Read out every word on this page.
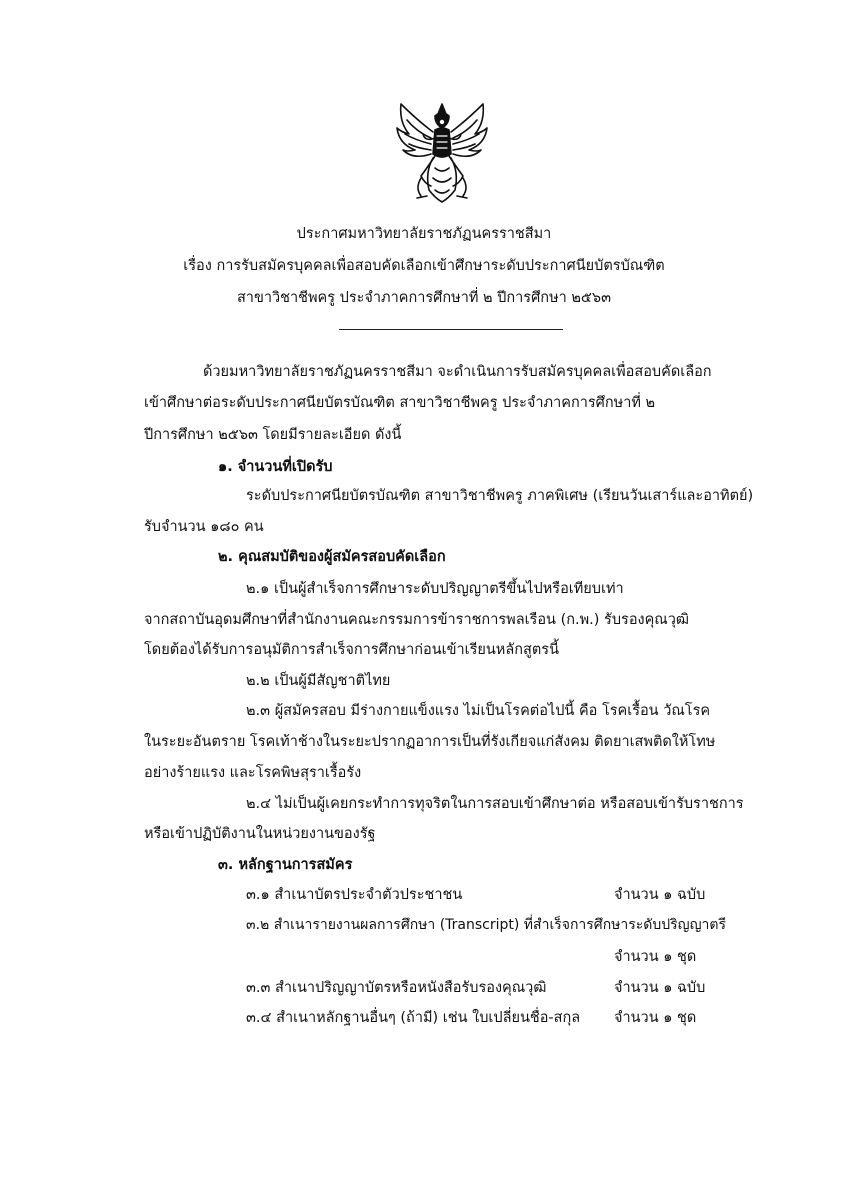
ประกาศมหาวิทยาลัยราชภัฏนครราชสีมา
เรื่อง การรับสมัครบุคคลเพื่อสอบคัดเลือกเข้าศึกษาระดับประกาศนียบัตรบัณฑิต
สาขาวิชาชีพครู ประจำภาคการศึกษาที่ ๒ ปีการศึกษา ๒๕๖๓
ด้วยมหาวิทยาลัยราชภัฏนครราชสีมา จะดำเนินการรับสมัครบุคคลเพื่อสอบคัดเลือก
เข้าศึกษาต่อระดับประกาศนียบัตรบัณฑิต สาขาวิชาชีพครู ประจำภาคการศึกษาที่ ๒
ปีการศึกษา ๒๕๖๓ โดยมีรายละเอียด ดังนี้
๑. จำนวนที่เปิดรับ
ระดับประกาศนียบัตรบัณฑิต สาขาวิชาชีพครู ภาคพิเศษ (เรียนวันเสาร์และอาทิตย์)
รับจำนวน ๑๘๐ คน
๒. คุณสมบัติของผู้สมัครสอบคัดเลือก
๒.๑ เป็นผู้สำเร็จการศึกษาระดับปริญญาตรีขึ้นไปหรือเทียบเท่า
จากสถาบันอุดมศึกษาที่สำนักงานคณะกรรมการข้าราชการพลเรือน (ก.พ.) รับรองคุณวุฒิ
โดยต้องได้รับการอนุมัติการสำเร็จการศึกษาก่อนเข้าเรียนหลักสูตรนี้
๒.๒ เป็นผู้มีสัญชาติไทย
๒.๓ ผู้สมัครสอบ มีร่างกายแข็งแรง ไม่เป็นโรคต่อไปนี้ คือ โรคเรื้อน วัณโรค
ในระยะอันตราย โรคเท้าช้างในระยะปรากฏอาการเป็นที่รังเกียจแก่สังคม ติดยาเสพติดให้โทษ
อย่างร้ายแรง และโรคพิษสุราเรื้อรัง
๒.๔ ไม่เป็นผู้เคยกระทำการทุจริตในการสอบเข้าศึกษาต่อ หรือสอบเข้ารับราชการ
หรือเข้าปฏิบัติงานในหน่วยงานของรัฐ
๓. หลักฐานการสมัคร
๓.๑ สำเนาบัตรประจำตัวประชาชน	จำนวน ๑ ฉบับ
๓.๒ สำเนารายงานผลการศึกษา (Transcript) ที่สำเร็จการศึกษาระดับปริญญาตรี
จำนวน ๑ ชุด
๓.๓ สำเนาปริญญาบัตรหรือหนังสือรับรองคุณวุฒิ	จำนวน ๑ ฉบับ
๓.๔ สำเนาหลักฐานอื่นๆ (ถ้ามี) เช่น ใบเปลี่ยนชื่อ-สกุล จำนวน ๑ ชุด
